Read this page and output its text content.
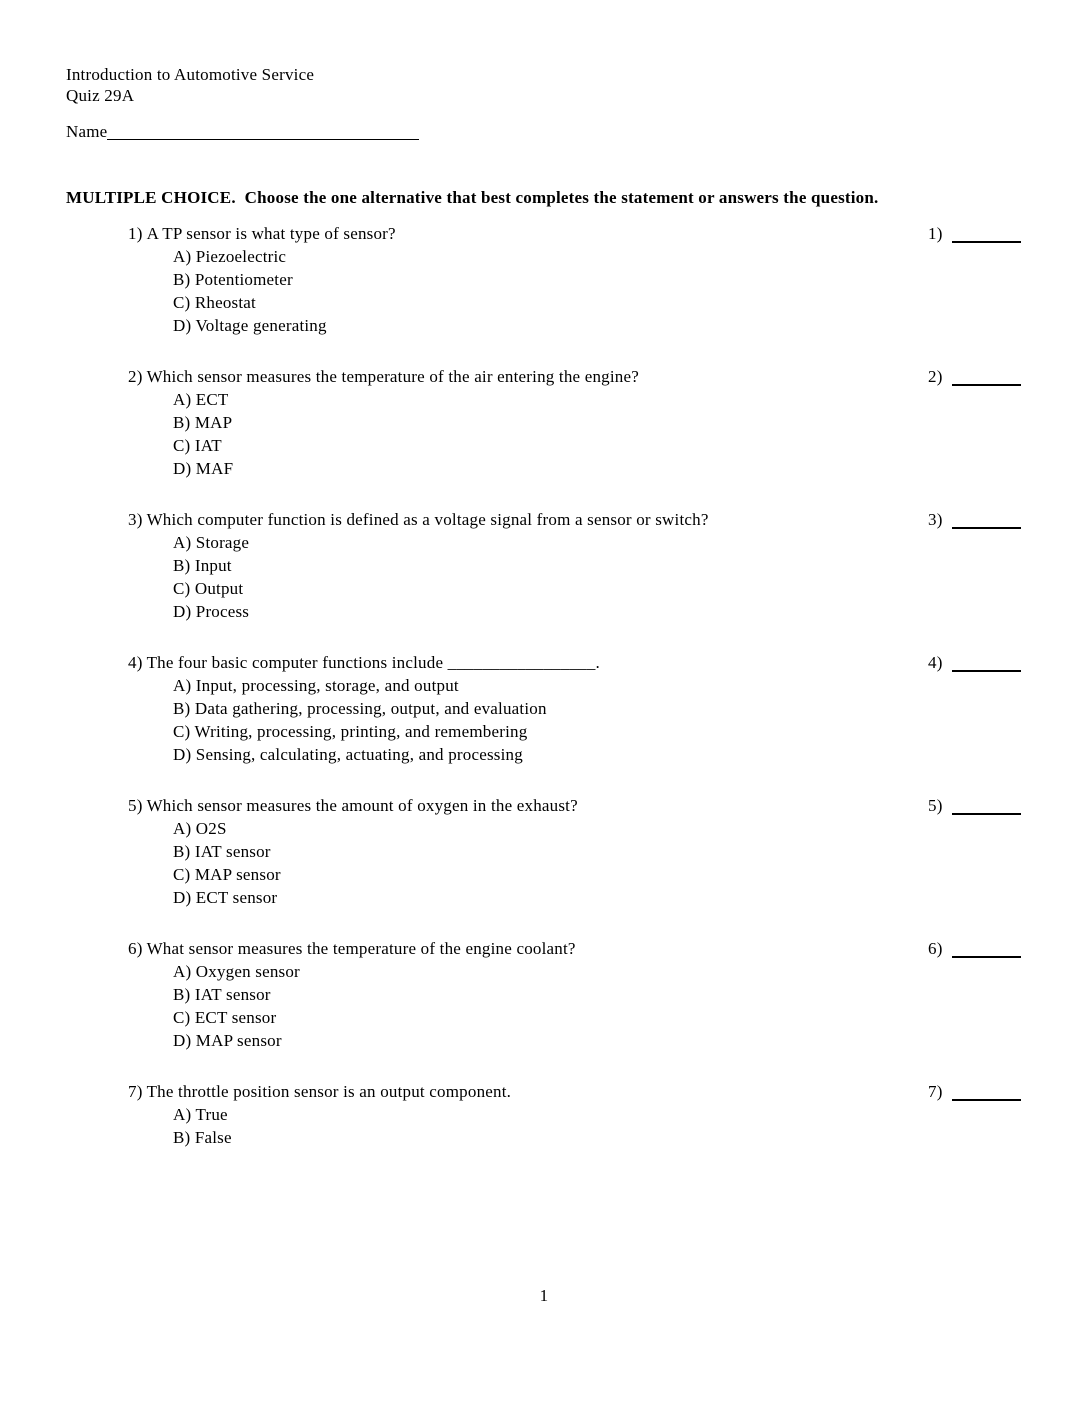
Introduction to Automotive Service
Quiz 29A
Name
MULTIPLE CHOICE.  Choose the one alternative that best completes the statement or answers the question.
1) A TP sensor is what type of sensor?
A) Piezoelectric
B) Potentiometer
C) Rheostat
D) Voltage generating
1)
2) Which sensor measures the temperature of the air entering the engine?
A) ECT
B) MAP
C) IAT
D) MAF
2)
3) Which computer function is defined as a voltage signal from a sensor or switch?
A) Storage
B) Input
C) Output
D) Process
3)
4) The four basic computer functions include _________________.
A) Input, processing, storage, and output
B) Data gathering, processing, output, and evaluation
C) Writing, processing, printing, and remembering
D) Sensing, calculating, actuating, and processing
4)
5) Which sensor measures the amount of oxygen in the exhaust?
A) O2S
B) IAT sensor
C) MAP sensor
D) ECT sensor
5)
6) What sensor measures the temperature of the engine coolant?
A) Oxygen sensor
B) IAT sensor
C) ECT sensor
D) MAP sensor
6)
7) The throttle position sensor is an output component.
A) True
B) False
7)
1
